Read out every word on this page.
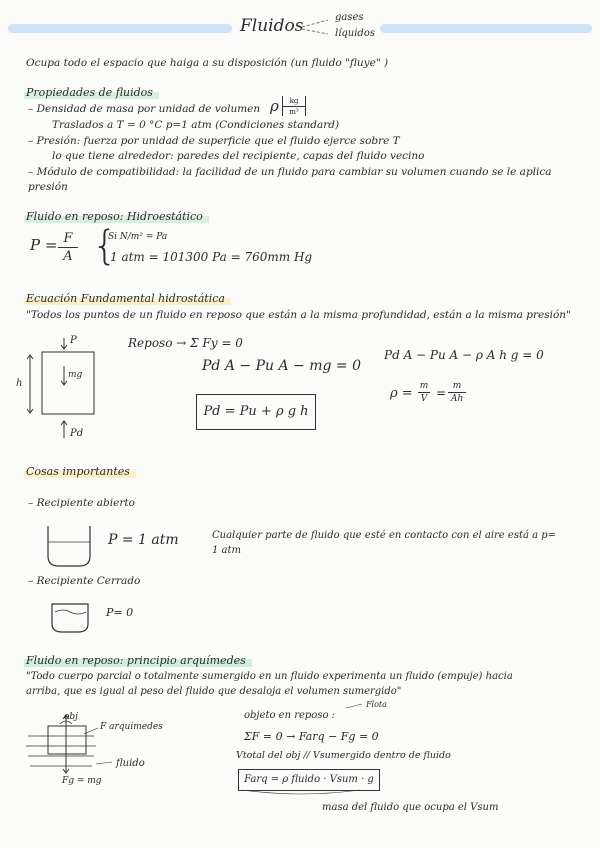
Fluidos	gases
líquidos
Ocupa todo el espacio que haiga a su disposición (un fluido "fluye" )
Propiedades de fluidos
– Densidad de masa por unidad de volumen ρ $\frac{kg}{\text{m³}}$
Traslados a T = 0 °C p=1 atm (Condiciones standard)
– Presión: fuerza por unidad de superficie que el fluido ejerce sobre T
lo que tiene alrededor: paredes del recipiente, capas del fluido vecino
– Módulo de compatibilidad: la facilidad de un fluido para cambiar su volumen cuando se le aplica
presión
Fluido en reposo: Hidroestático
$P = \frac{F}{A}$ {
Si N/m² = Pa
1 atm = 101300 Pa = 760mm Hg
Ecuación Fundamental hidrostática
"Todos los puntos de un fluido en reposo que están a la misma profundidad, están a la misma presión"
P
mg
h
Pd
Reposo → Σ Fy = 0
Pd A − Pu A − mg = 0
Pd A − Pu A − ρ A h g = 0
$\rho = \frac{m}{V} = \frac{m}{Ah}$
Pd = Pu + ρ g h
Cosas importantes
– Recipiente abierto
P = 1 atm	Cualquier parte de fluido que esté en contacto con el aire está a p=
1 atm
– Recipiente Cerrado
P= 0
Fluido en reposo: principio arquímedes
"Todo cuerpo parcial o totalmente sumergido en un fluido experimenta un fluido (empuje) hacia
arriba, que es igual al peso del fluido que desaloja el volumen sumergido"
obj
F arquimedes
fluido
Fg = mg
objeto en reposo :
Flota
ΣF = 0 → Farq − Fg = 0
Vtotal del obj // Vsumergido dentro de fluido
Farq = ρ fluido · Vsum · g
masa del fluido que ocupa el Vsum
